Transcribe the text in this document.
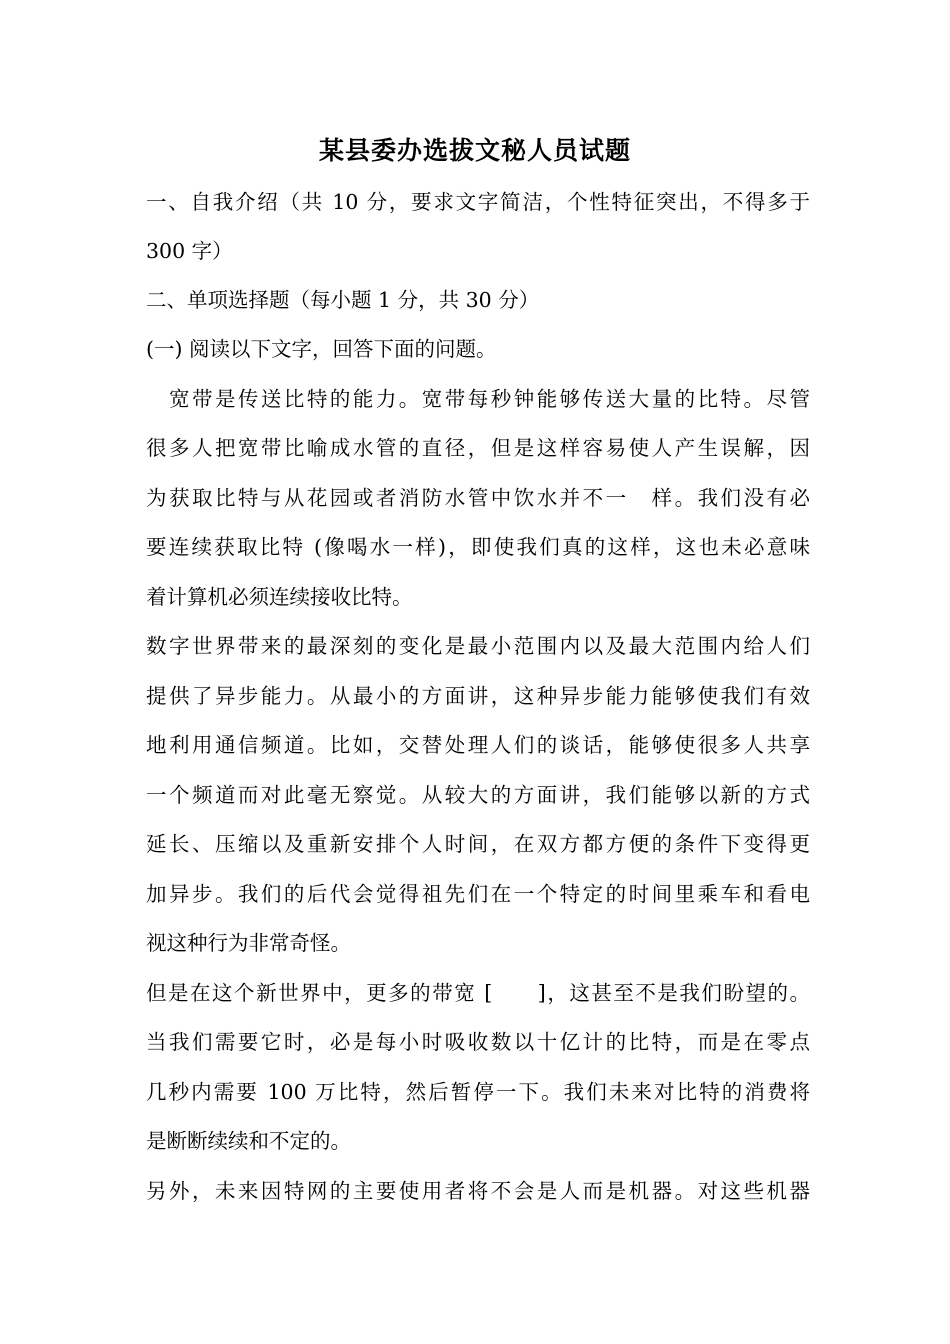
某县委办选拔文秘人员试题
一、自我介绍（共 10 分，要求文字简洁，个性特征突出，不得多于
300 字）
二、单项选择题（每小题 1 分，共 30 分）
(一) 阅读以下文字，回答下面的问题。
　宽带是传送比特的能力。宽带每秒钟能够传送大量的比特。尽管
很多人把宽带比喻成水管的直径，但是这样容易使人产生误解，因
为获取比特与从花园或者消防水管中饮水并不一　样。我们没有必
要连续获取比特 (像喝水一样)，即使我们真的这样，这也未必意味
着计算机必须连续接收比特。
数字世界带来的最深刻的变化是最小范围内以及最大范围内给人们
提供了异步能力。从最小的方面讲，这种异步能力能够使我们有效
地利用通信频道。比如，交替处理人们的谈话，能够使很多人共享
一个频道而对此毫无察觉。从较大的方面讲，我们能够以新的方式
延长、压缩以及重新安排个人时间，在双方都方便的条件下变得更
加异步。我们的后代会觉得祖先们在一个特定的时间里乘车和看电
视这种行为非常奇怪。
但是在这个新世界中，更多的带宽 [　　]，这甚至不是我们盼望的。
当我们需要它时，必是每小时吸收数以十亿计的比特，而是在零点
几秒内需要 100 万比特，然后暂停一下。我们未来对比特的消费将
是断断续续和不定的。
另外，未来因特网的主要使用者将不会是人而是机器。对这些机器
